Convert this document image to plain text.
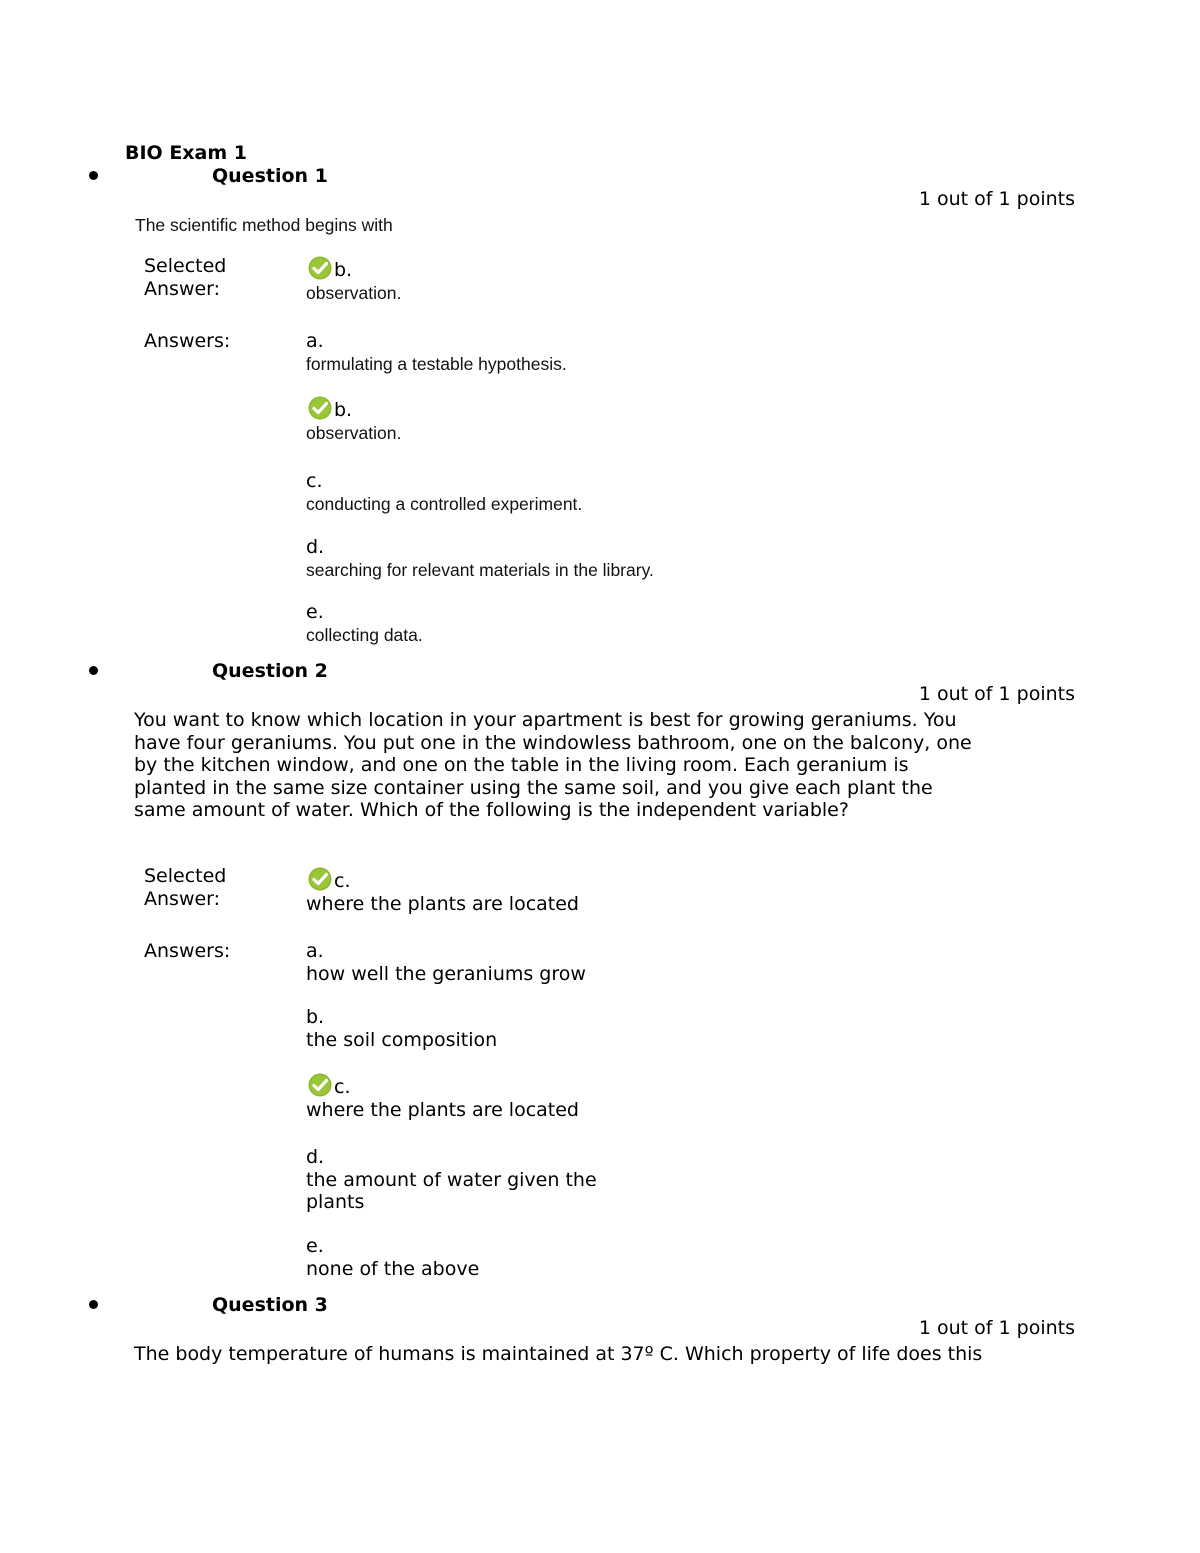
BIO Exam 1
Question 1
1 out of 1 points
The scientific method begins with
Selected
Answer:
b.
observation.
Answers:	a.
formulating a testable hypothesis.
b.
observation.
c.
conducting a controlled experiment.
d.
searching for relevant materials in the library.
e.
collecting data.
Question 2
1 out of 1 points
You want to know which location in your apartment is best for growing geraniums. You
have four geraniums. You put one in the windowless bathroom, one on the balcony, one
by the kitchen window, and one on the table in the living room. Each geranium is
planted in the same size container using the same soil, and you give each plant the
same amount of water. Which of the following is the independent variable?
Selected
Answer:
c.
where the plants are located
Answers:	a.
how well the geraniums grow
b.
the soil composition
c.
where the plants are located
d.
the amount of water given the plants
e.
none of the above
Question 3
1 out of 1 points
The body temperature of humans is maintained at 37º C. Which property of life does this
